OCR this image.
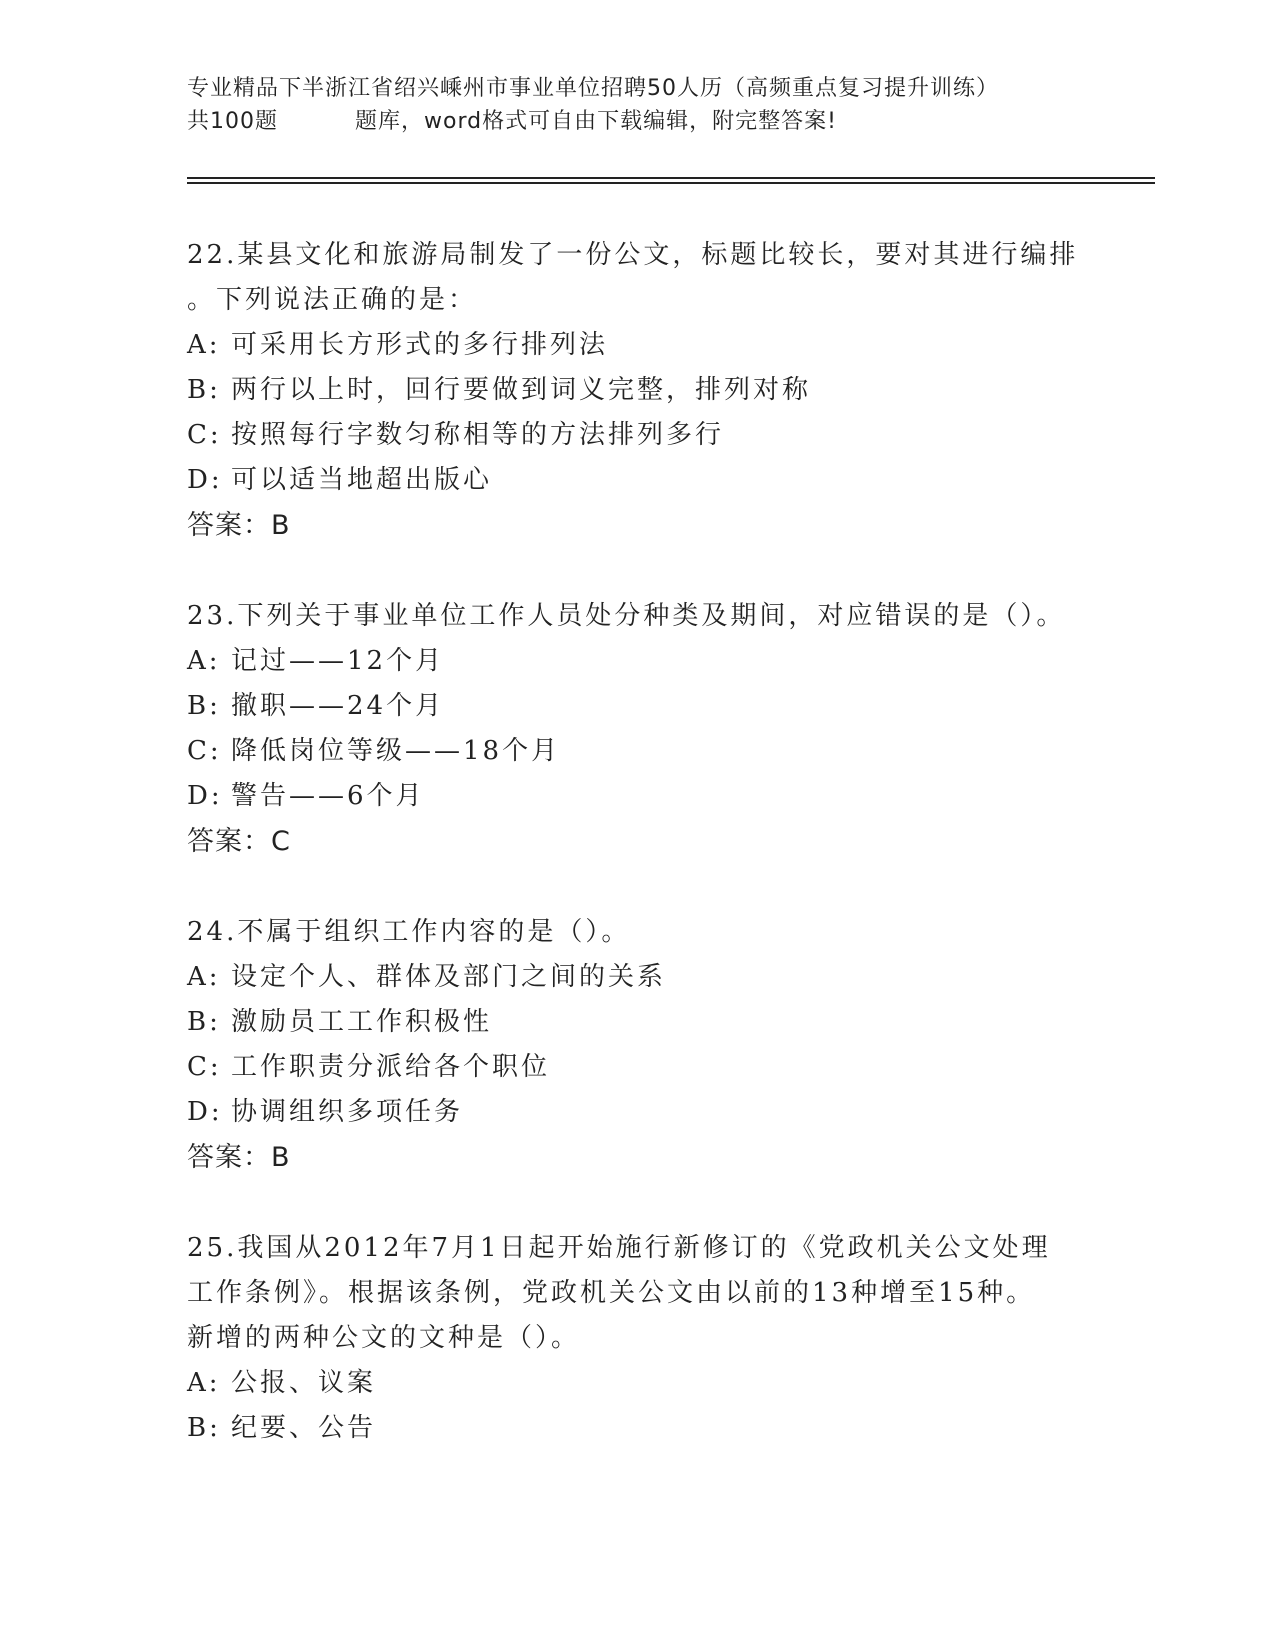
专业精品下半浙江省绍兴嵊州市事业单位招聘50人历（高频重点复习提升训练）
共100题	题库，word格式可自由下载编辑，附完整答案!
22.某县文化和旅游局制发了一份公文，标题比较长，要对其进行编排
。下列说法正确的是：
A: 可采用长方形式的多行排列法
B: 两行以上时，回行要做到词义完整，排列对称
C: 按照每行字数匀称相等的方法排列多行
D: 可以适当地超出版心
答案：B
23.下列关于事业单位工作人员处分种类及期间，对应错误的是（）。
A: 记过——12个月
B: 撤职——24个月
C: 降低岗位等级——18个月
D: 警告——6个月
答案：C
24.不属于组织工作内容的是（）。
A: 设定个人、群体及部门之间的关系
B: 激励员工工作积极性
C: 工作职责分派给各个职位
D: 协调组织多项任务
答案：B
25.我国从2012年7月1日起开始施行新修订的《党政机关公文处理
工作条例》。根据该条例，党政机关公文由以前的13种增至15种。
新增的两种公文的文种是（）。
A: 公报、议案
B: 纪要、公告
